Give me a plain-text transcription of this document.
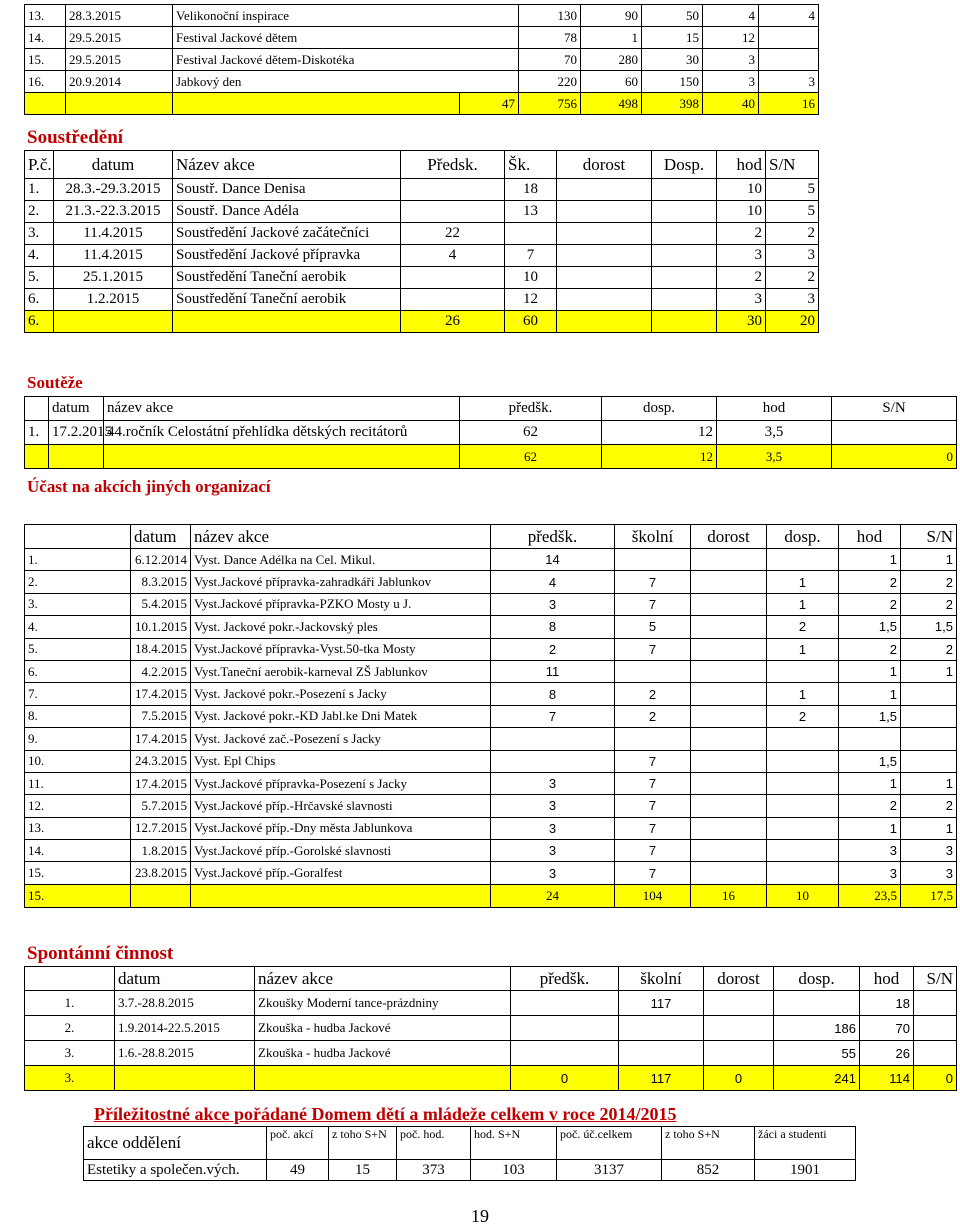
13.	28.3.2015	Velikonoční inspirace	130	90	50	4	4
14.	29.5.2015	Festival Jackové dětem	78	1	15	12	
15.	29.5.2015	Festival Jackové dětem-Diskotéka	70	280	30	3	
16.	20.9.2014	Jabkový den	220	60	150	3	3
			47	756	498	398	40	16
Soustředění
P.č.	datum	Název akce	Předsk.	Šk.	dorost	Dosp.	hod	S/N
1.	28.3.-29.3.2015	Soustř. Dance Denisa		18			10	5
2.	21.3.-22.3.2015	Soustř. Dance Adéla		13			10	5
3.	11.4.2015	Soustředění Jackové začátečníci	22				2	2
4.	11.4.2015	Soustředění Jackové přípravka	4	7			3	3
5.	25.1.2015	Soustředění Taneční aerobik		10			2	2
6.	1.2.2015	Soustředění Taneční aerobik		12			3	3
6.			26	60			30	20
Soutěže
	datum	název akce		předšk.			dosp.	hod	S/N
1.	17.2.2015	44.ročník Celostátní přehlídka dětských recitátorů		62			12	3,5	
				62			12	3,5	0
Účast na akcích jiných organizací
	datum	název akce	předšk.	školní	dorost	dosp.	hod	S/N
1.	6.12.2014	Vyst. Dance Adélka na Cel. Mikul.	14				1	1
2.	8.3.2015	Vyst.Jackové přípravka-zahradkáři Jablunkov	4	7		1	2	2
3.	5.4.2015	Vyst.Jackové přípravka-PZKO Mosty u J.	3	7		1	2	2
4.	10.1.2015	Vyst. Jackové pokr.-Jackovský ples	8	5		2	1,5	1,5
5.	18.4.2015	Vyst.Jackové přípravka-Vyst.50-tka Mosty	2	7		1	2	2
6.	4.2.2015	Vyst.Taneční aerobik-karneval ZŠ Jablunkov	11				1	1
7.	17.4.2015	Vyst. Jackové pokr.-Posezení s Jacky	8	2		1	1	
8.	7.5.2015	Vyst. Jackové pokr.-KD Jabl.ke Dni Matek	7	2		2	1,5	
9.	17.4.2015	Vyst. Jackové zač.-Posezení s Jacky						
10.	24.3.2015	Vyst. Epl Chips		7			1,5	
11.	17.4.2015	Vyst.Jackové přípravka-Posezení s Jacky	3	7			1	1
12.	5.7.2015	Vyst.Jackové příp.-Hrčavské slavnosti	3	7			2	2
13.	12.7.2015	Vyst.Jackové příp.-Dny města Jablunkova	3	7			1	1
14.	1.8.2015	Vyst.Jackové příp.-Gorolské slavnosti	3	7			3	3
15.	23.8.2015	Vyst.Jackové příp.-Goralfest	3	7			3	3
15.			24	104	16	10	23,5	17,5
Spontánní činnost
	datum	název akce	předšk.	školní	dorost	dosp.	hod	S/N
1.	3.7.-28.8.2015	Zkoušky Moderní tance-prázdniny		117			18	
2.	1.9.2014-22.5.2015	Zkouška - hudba Jackové				186	70	
3.	1.6.-28.8.2015	Zkouška - hudba Jackové				55	26	
3.			0	117	0	241	114	0
Příležitostné akce pořádané Domem dětí a mládeže celkem v roce 2014/2015
akce oddělení	poč. akcí	z toho S+N	poč. hod.	hod. S+N	poč. úč.celkem	z toho S+N	žáci a studenti
Estetiky a společen.vých.	49	15	373	103	3137	852	1901
19
